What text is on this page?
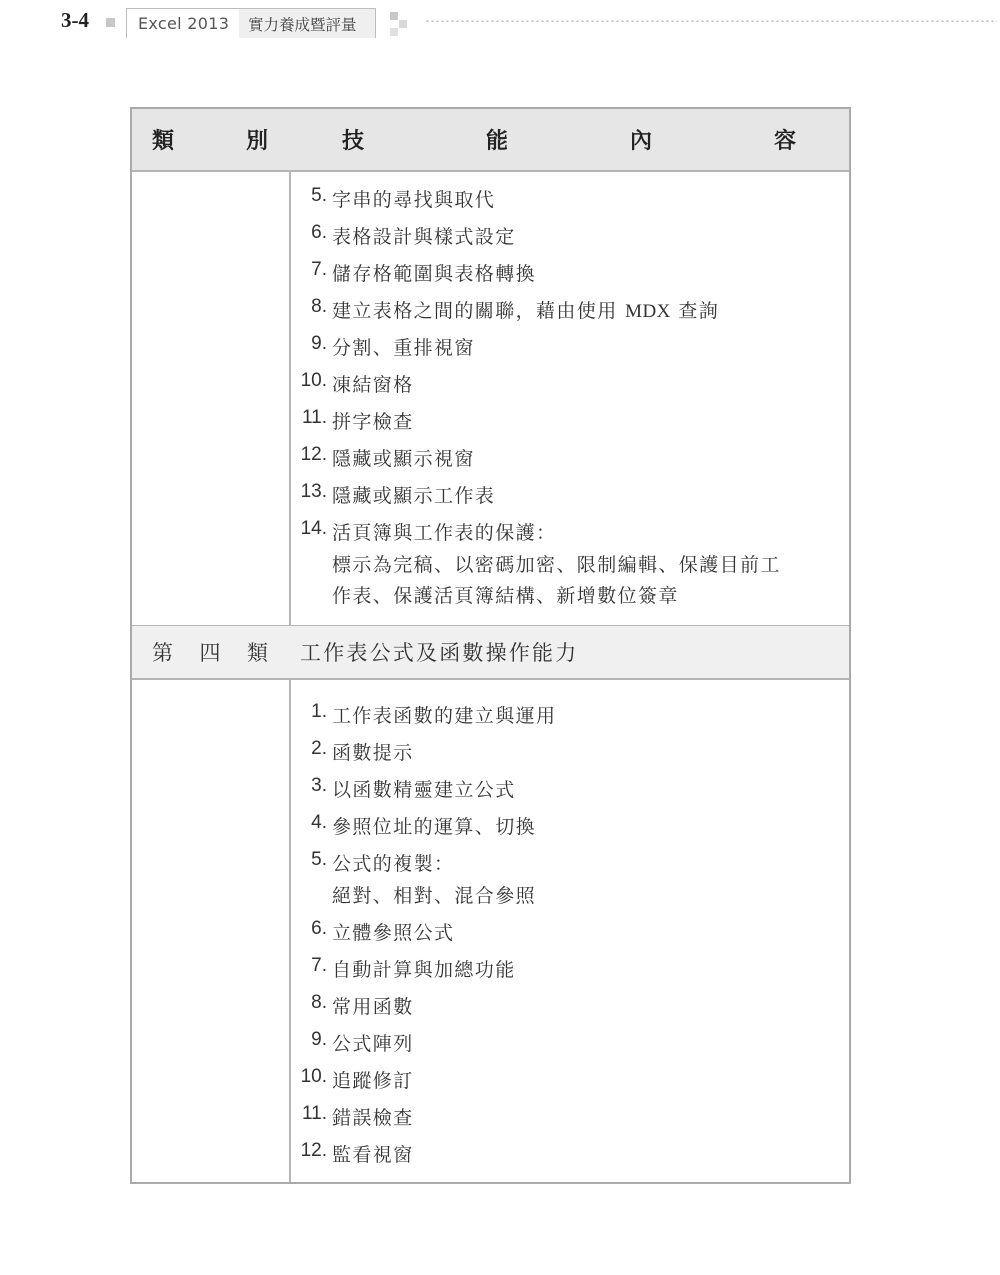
3-4	Excel 2013	實力養成暨評量
類	別	技	能	內	容
5. 字串的尋找與取代
6. 表格設計與樣式設定
7. 儲存格範圍與表格轉換
8. 建立表格之間的關聯，藉由使用 MDX 查詢
9. 分割、重排視窗
10. 凍結窗格
11. 拼字檢查
12. 隱藏或顯示視窗
13. 隱藏或顯示工作表
14. 活頁簿與工作表的保護：
標示為完稿、以密碼加密、限制編輯、保護目前工
作表、保護活頁簿結構、新增數位簽章
第 四 類 工作表公式及函數操作能力
1. 工作表函數的建立與運用
2. 函數提示
3. 以函數精靈建立公式
4. 參照位址的運算、切換
5. 公式的複製：
絕對、相對、混合參照
6. 立體參照公式
7. 自動計算與加總功能
8. 常用函數
9. 公式陣列
10. 追蹤修訂
11. 錯誤檢查
12. 監看視窗
